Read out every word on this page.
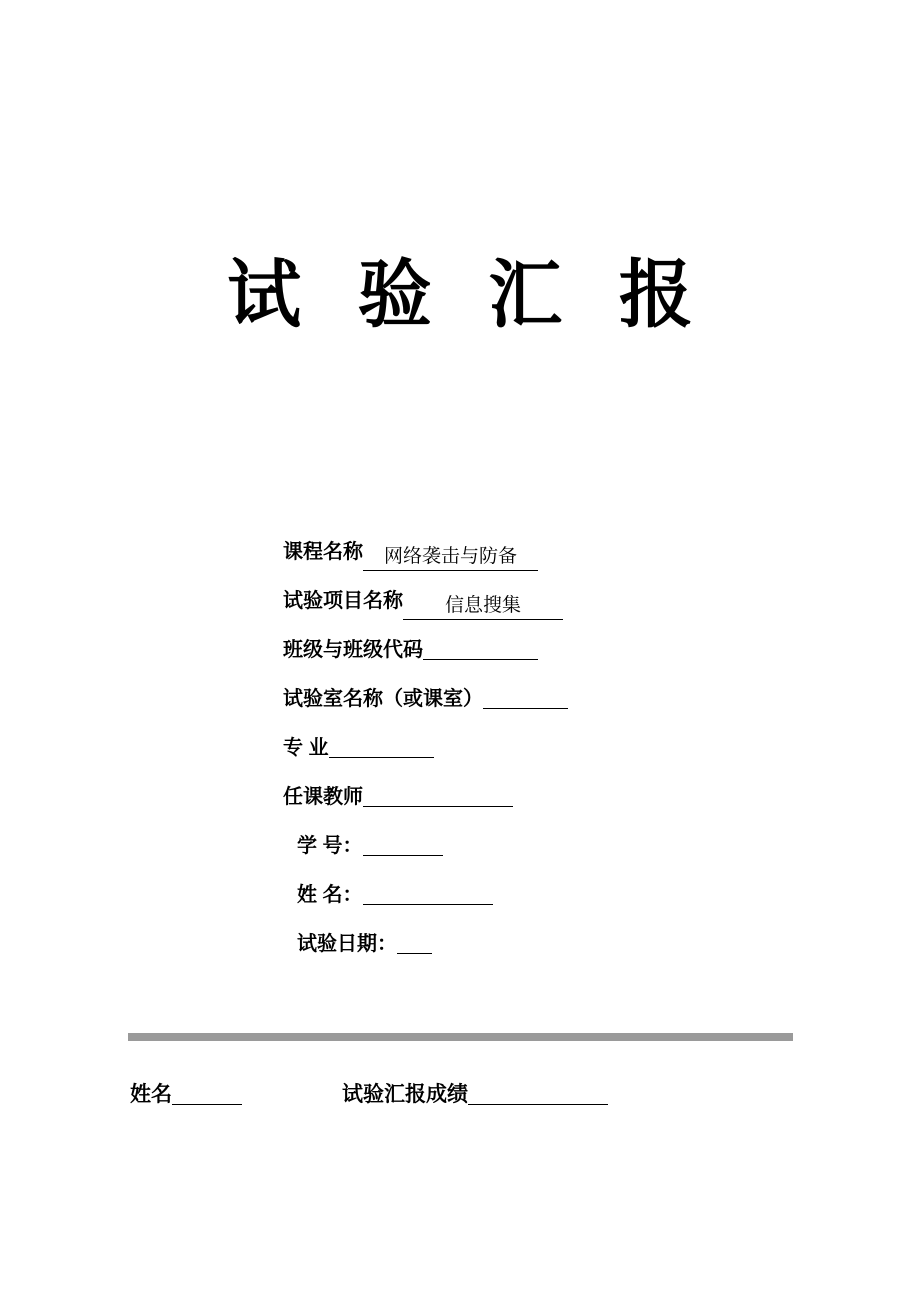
试 验 汇 报
课程名称 网络袭击与防备
试验项目名称 信息搜集
班级与班级代码
试验室名称（或课室）
专 业
任课教师
学 号：
姓 名：
试验日期：
姓名	试验汇报成绩
